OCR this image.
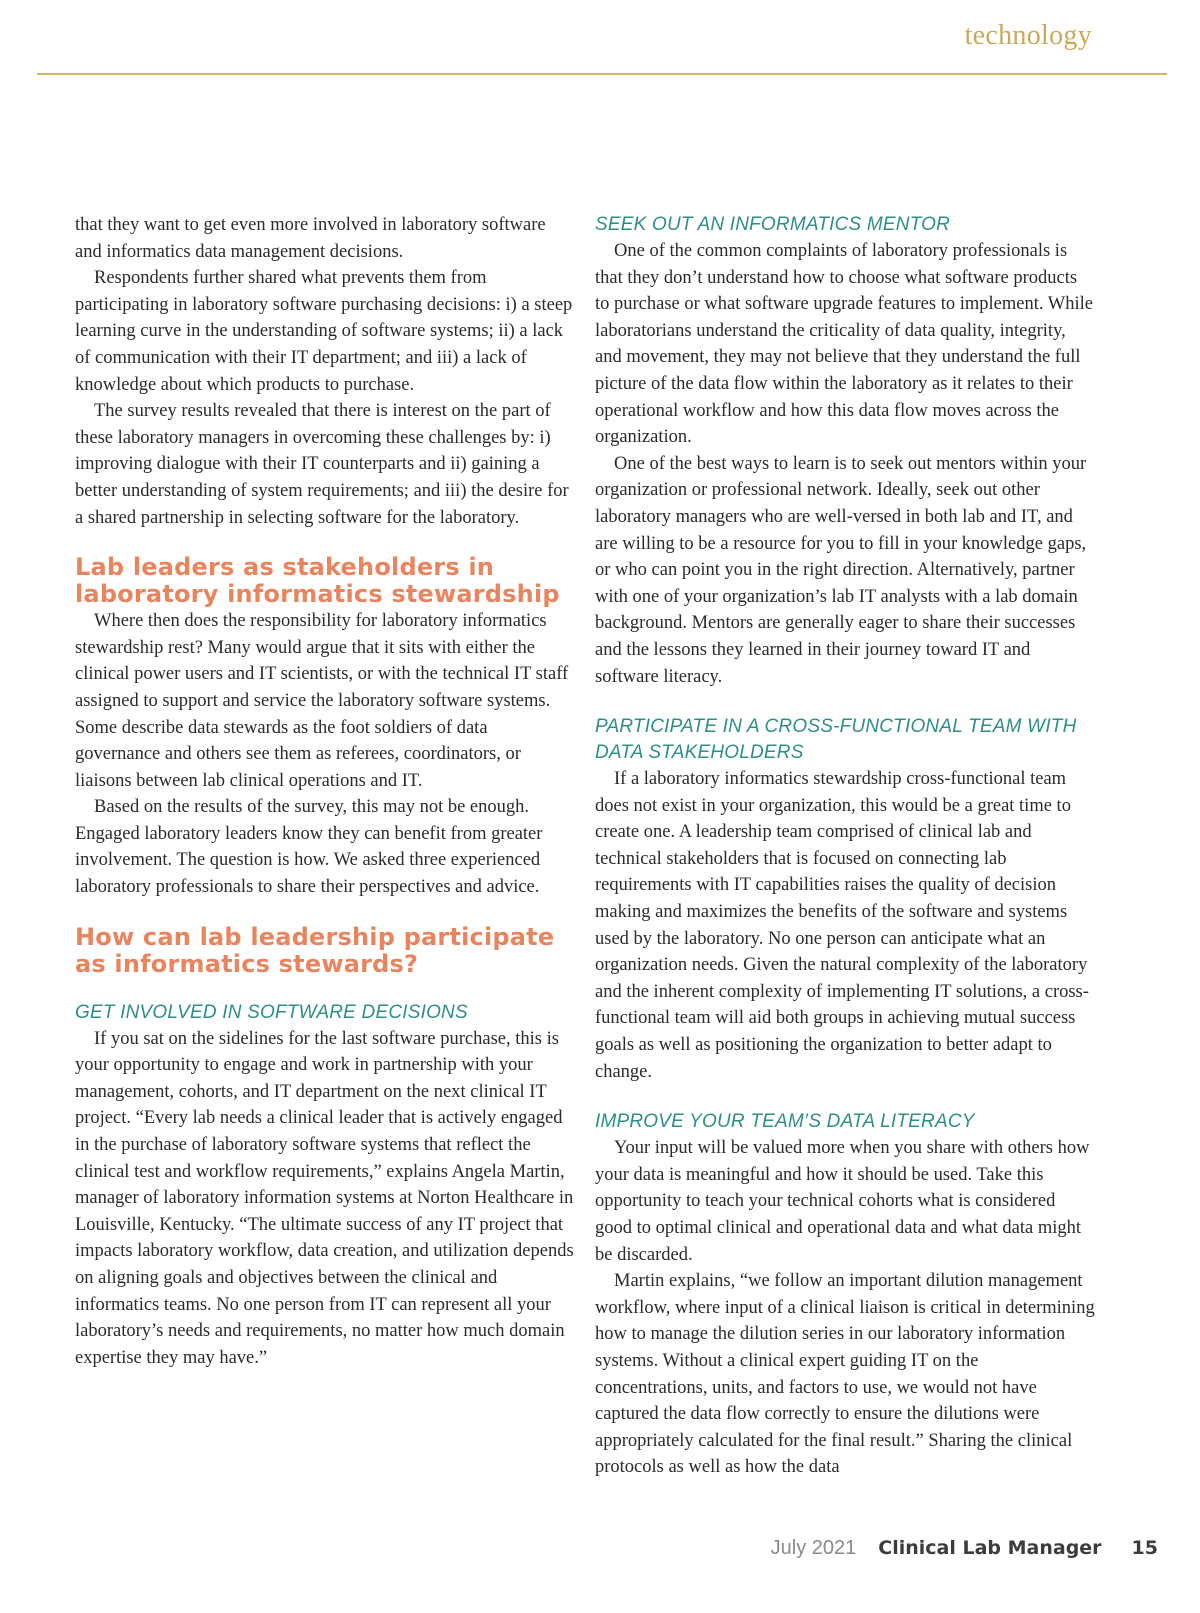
technology

that they want to get even more involved in laboratory software and informatics data management decisions.

Respondents further shared what prevents them from participating in laboratory software purchasing decisions: i) a steep learning curve in the understanding of software systems; ii) a lack of communication with their IT department; and iii) a lack of knowledge about which products to purchase.

The survey results revealed that there is interest on the part of these laboratory managers in overcoming these challenges by: i) improving dialogue with their IT counterparts and ii) gaining a better understanding of system requirements; and iii) the desire for a shared partnership in selecting software for the laboratory.

Lab leaders as stakeholders in laboratory informatics stewardship

Where then does the responsibility for laboratory informatics stewardship rest? Many would argue that it sits with either the clinical power users and IT scientists, or with the technical IT staff assigned to support and service the laboratory software systems. Some describe data stewards as the foot soldiers of data governance and others see them as referees, coordinators, or liaisons between lab clinical operations and IT.

Based on the results of the survey, this may not be enough. Engaged laboratory leaders know they can benefit from greater involvement. The question is how. We asked three experienced laboratory professionals to share their perspectives and advice.

How can lab leadership participate as informatics stewards?
GET INVOLVED IN SOFTWARE DECISIONS

If you sat on the sidelines for the last software purchase, this is your opportunity to engage and work in partnership with your management, cohorts, and IT department on the next clinical IT project. “Every lab needs a clinical leader that is actively engaged in the purchase of laboratory software systems that reflect the clinical test and workflow requirements,” explains Angela Martin, manager of laboratory information systems at Norton Healthcare in Louisville, Kentucky. “The ultimate success of any IT project that impacts laboratory workflow, data creation, and utilization depends on aligning goals and objectives between the clinical and informatics teams. No one person from IT can represent all your laboratory’s needs and requirements, no matter how much domain expertise they may have.”

SEEK OUT AN INFORMATICS MENTOR

One of the common complaints of laboratory professionals is that they don’t understand how to choose what software products to purchase or what software upgrade features to implement. While laboratorians understand the criticality of data quality, integrity, and movement, they may not believe that they understand the full picture of the data flow within the laboratory as it relates to their operational workflow and how this data flow moves across the organization.

One of the best ways to learn is to seek out mentors within your organization or professional network. Ideally, seek out other laboratory managers who are well-versed in both lab and IT, and are willing to be a resource for you to fill in your knowledge gaps, or who can point you in the right direction. Alternatively, partner with one of your organization’s lab IT analysts with a lab domain background. Mentors are generally eager to share their successes and the lessons they learned in their journey toward IT and software literacy.

PARTICIPATE IN A CROSS-FUNCTIONAL TEAM WITH DATA STAKEHOLDERS

If a laboratory informatics stewardship cross-functional team does not exist in your organization, this would be a great time to create one. A leadership team comprised of clinical lab and technical stakeholders that is focused on connecting lab requirements with IT capabilities raises the quality of decision making and maximizes the benefits of the software and systems used by the laboratory. No one person can anticipate what an organization needs. Given the natural complexity of the laboratory and the inherent complexity of implementing IT solutions, a cross-functional team will aid both groups in achieving mutual success goals as well as positioning the organization to better adapt to change.

IMPROVE YOUR TEAM’S DATA LITERACY

Your input will be valued more when you share with others how your data is meaningful and how it should be used. Take this opportunity to teach your technical cohorts what is considered good to optimal clinical and operational data and what data might be discarded.

Martin explains, “we follow an important dilution management workflow, where input of a clinical liaison is critical in determining how to manage the dilution series in our laboratory information systems. Without a clinical expert guiding IT on the concentrations, units, and factors to use, we would not have captured the data flow correctly to ensure the dilutions were appropriately calculated for the final result.” Sharing the clinical protocols as well as how the data

July 2021 Clinical Lab Manager 15
